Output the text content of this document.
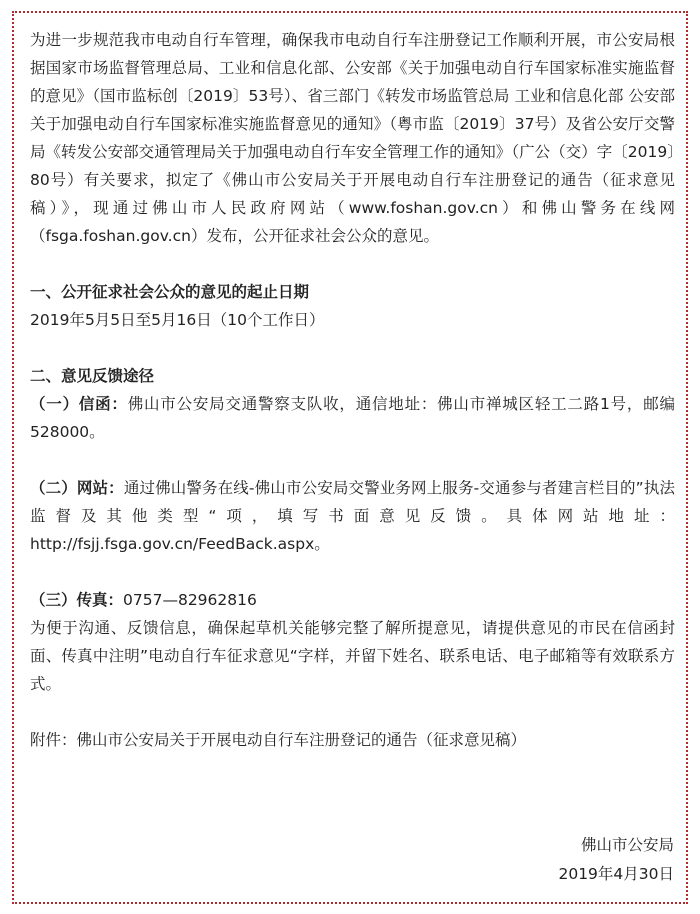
为进一步规范我市电动自行车管理，确保我市电动自行车注册登记工作顺利开展，市公安局根据国家市场监督管理总局、工业和信息化部、公安部《关于加强电动自行车国家标准实施监督的意见》（国市监标创〔2019〕53号）、省三部门《转发市场监管总局 工业和信息化部 公安部关于加强电动自行车国家标准实施监督意见的通知》（粤市监〔2019〕37号）及省公安厅交警局《转发公安部交通管理局关于加强电动自行车安全管理工作的通知》（广公（交）字〔2019〕80号）有关要求，拟定了《佛山市公安局关于开展电动自行车注册登记的通告（征求意见稿）》，现通过佛山市人民政府网站（www.foshan.gov.cn）和佛山警务在线网（fsga.foshan.gov.cn）发布，公开征求社会公众的意见。

一、公开征求社会公众的意见的起止日期

2019年5月5日至5月16日（10个工作日）

二、意见反馈途径

（一）信函：佛山市公安局交通警察支队收，通信地址：佛山市禅城区轻工二路1号，邮编 528000。

（二）网站：通过佛山警务在线-佛山市公安局交警业务网上服务-交通参与者建言栏目的”执法监督及其他类型“项，填写书面意见反馈。具体网站地址：http://fsjj.fsga.gov.cn/FeedBack.aspx。

（三）传真：0757—82962816

为便于沟通、反馈信息，确保起草机关能够完整了解所提意见，请提供意见的市民在信函封面、传真中注明”电动自行车征求意见“字样，并留下姓名、联系电话、电子邮箱等有效联系方式。

附件：佛山市公安局关于开展电动自行车注册登记的通告（征求意见稿）

佛山市公安局
2019年4月30日
